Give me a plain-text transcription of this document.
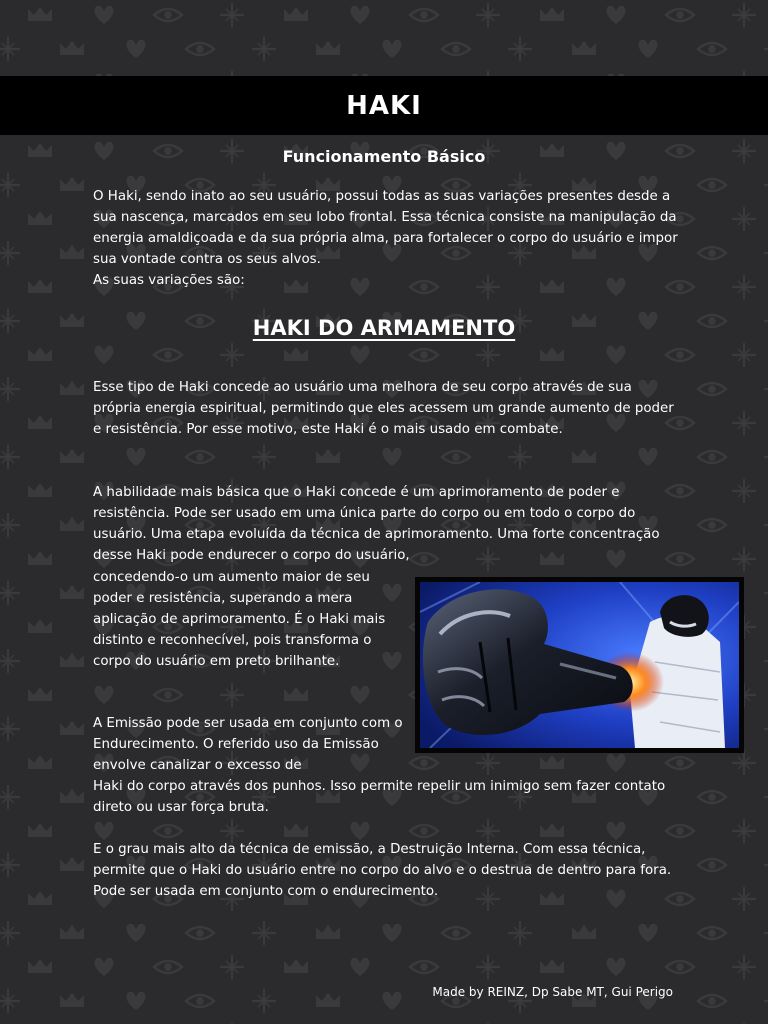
HAKI

Funcionamento Básico

O Haki, sendo inato ao seu usuário, possui todas as suas variações presentes desde a sua nascença, marcados em seu lobo frontal. Essa técnica consiste na manipulação da energia amaldiçoada e da sua própria alma, para fortalecer o corpo do usuário e impor sua vontade contra os seus alvos.
As suas variações são:

HAKI DO ARMAMENTO

Esse tipo de Haki concede ao usuário uma melhora de seu corpo através de sua própria energia espiritual, permitindo que eles acessem um grande aumento de poder e resistência. Por esse motivo, este Haki é o mais usado em combate.

A habilidade mais básica que o Haki concede é um aprimoramento de poder e resistência. Pode ser usado em uma única parte do corpo ou em todo o corpo do usuário. Uma etapa evoluída da técnica de aprimoramento. Uma forte concentração desse Haki pode endurecer o corpo do usuário,

concedendo-o um aumento maior de seu poder e resistência, superando a mera aplicação de aprimoramento. É o Haki mais distinto e reconhecível, pois transforma o corpo do usuário em preto brilhante.

A Emissão pode ser usada em conjunto com o Endurecimento. O referido uso da Emissão envolve canalizar o excesso de

Haki do corpo através dos punhos. Isso permite repelir um inimigo sem fazer contato direto ou usar força bruta.

E o grau mais alto da técnica de emissão, a Destruição Interna. Com essa técnica, permite que o Haki do usuário entre no corpo do alvo e o destrua de dentro para fora. Pode ser usada em conjunto com o endurecimento.

Made by REINZ, Dp Sabe MT, Gui Perigo
